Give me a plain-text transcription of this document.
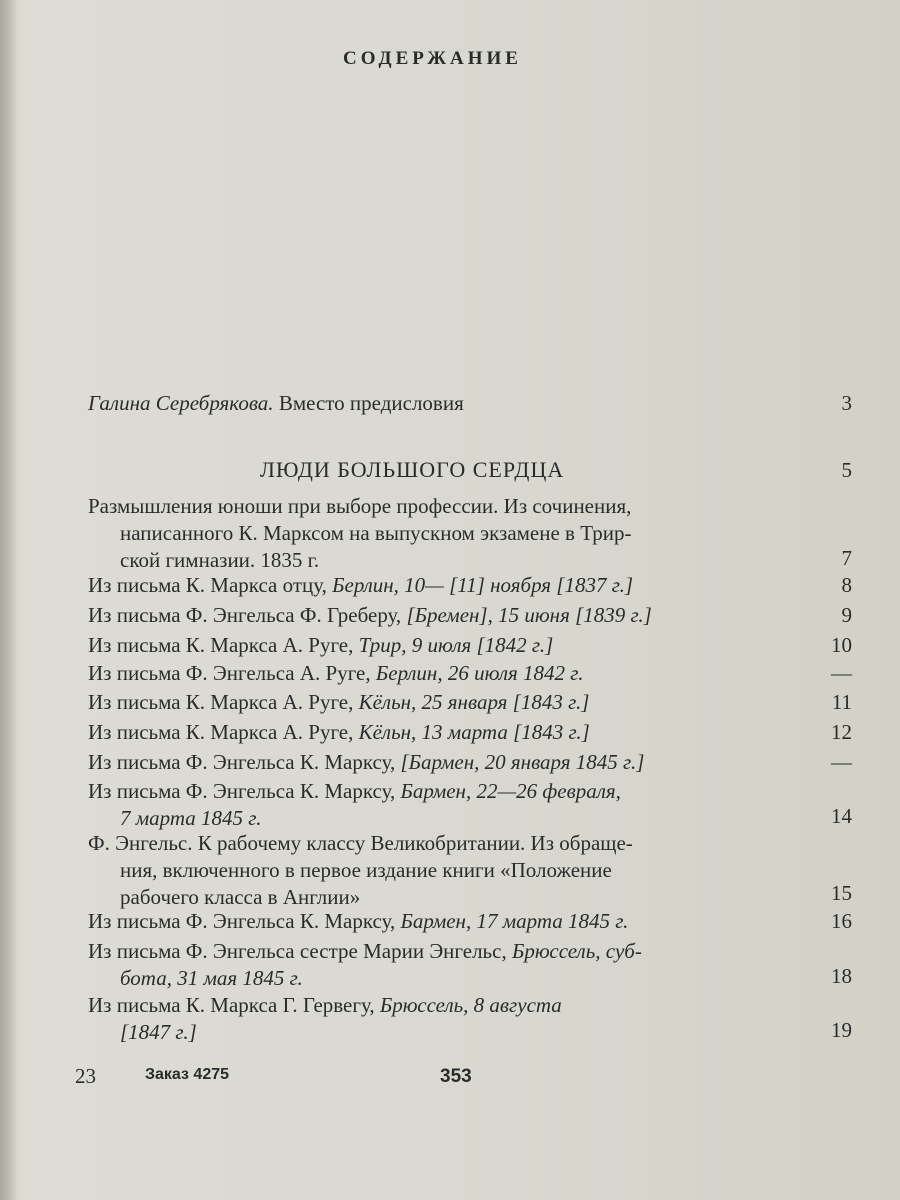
СОДЕРЖАНИЕ
Галина Серебрякова. Вместо предисловия	3
ЛЮДИ БОЛЬШОГО СЕРДЦА	5
Размышления юноши при выборе профессии. Из сочинения,
написанного К. Марксом на выпускном экзамене в Трир-
ской гимназии. 1835 г.	7
Из письма К. Маркса отцу, Берлин, 10— [11] ноября [1837 г.]	8
Из письма Ф. Энгельса Ф. Греберу, [Бремен], 15 июня [1839 г.]	9
Из письма К. Маркса А. Руге, Трир, 9 июля [1842 г.]	10
Из письма Ф. Энгельса А. Руге, Берлин, 26 июля 1842 г.	—
Из письма К. Маркса А. Руге, Кёльн, 25 января [1843 г.]	11
Из письма К. Маркса А. Руге, Кёльн, 13 марта [1843 г.]	12
Из письма Ф. Энгельса К. Марксу, [Бармен, 20 января 1845 г.]	—
Из письма Ф. Энгельса К. Марксу, Бармен, 22—26 февраля,
7 марта 1845 г.	14
Ф. Энгельс. К рабочему классу Великобритании. Из обраще-
ния, включенного в первое издание книги «Положение
рабочего класса в Англии»	15
Из письма Ф. Энгельса К. Марксу, Бармен, 17 марта 1845 г.	16
Из письма Ф. Энгельса сестре Марии Энгельс, Брюссель, суб-
бота, 31 мая 1845 г.	18
Из письма К. Маркса Г. Гервегу, Брюссель, 8 августа
[1847 г.]	19
23	Заказ 4275	353
